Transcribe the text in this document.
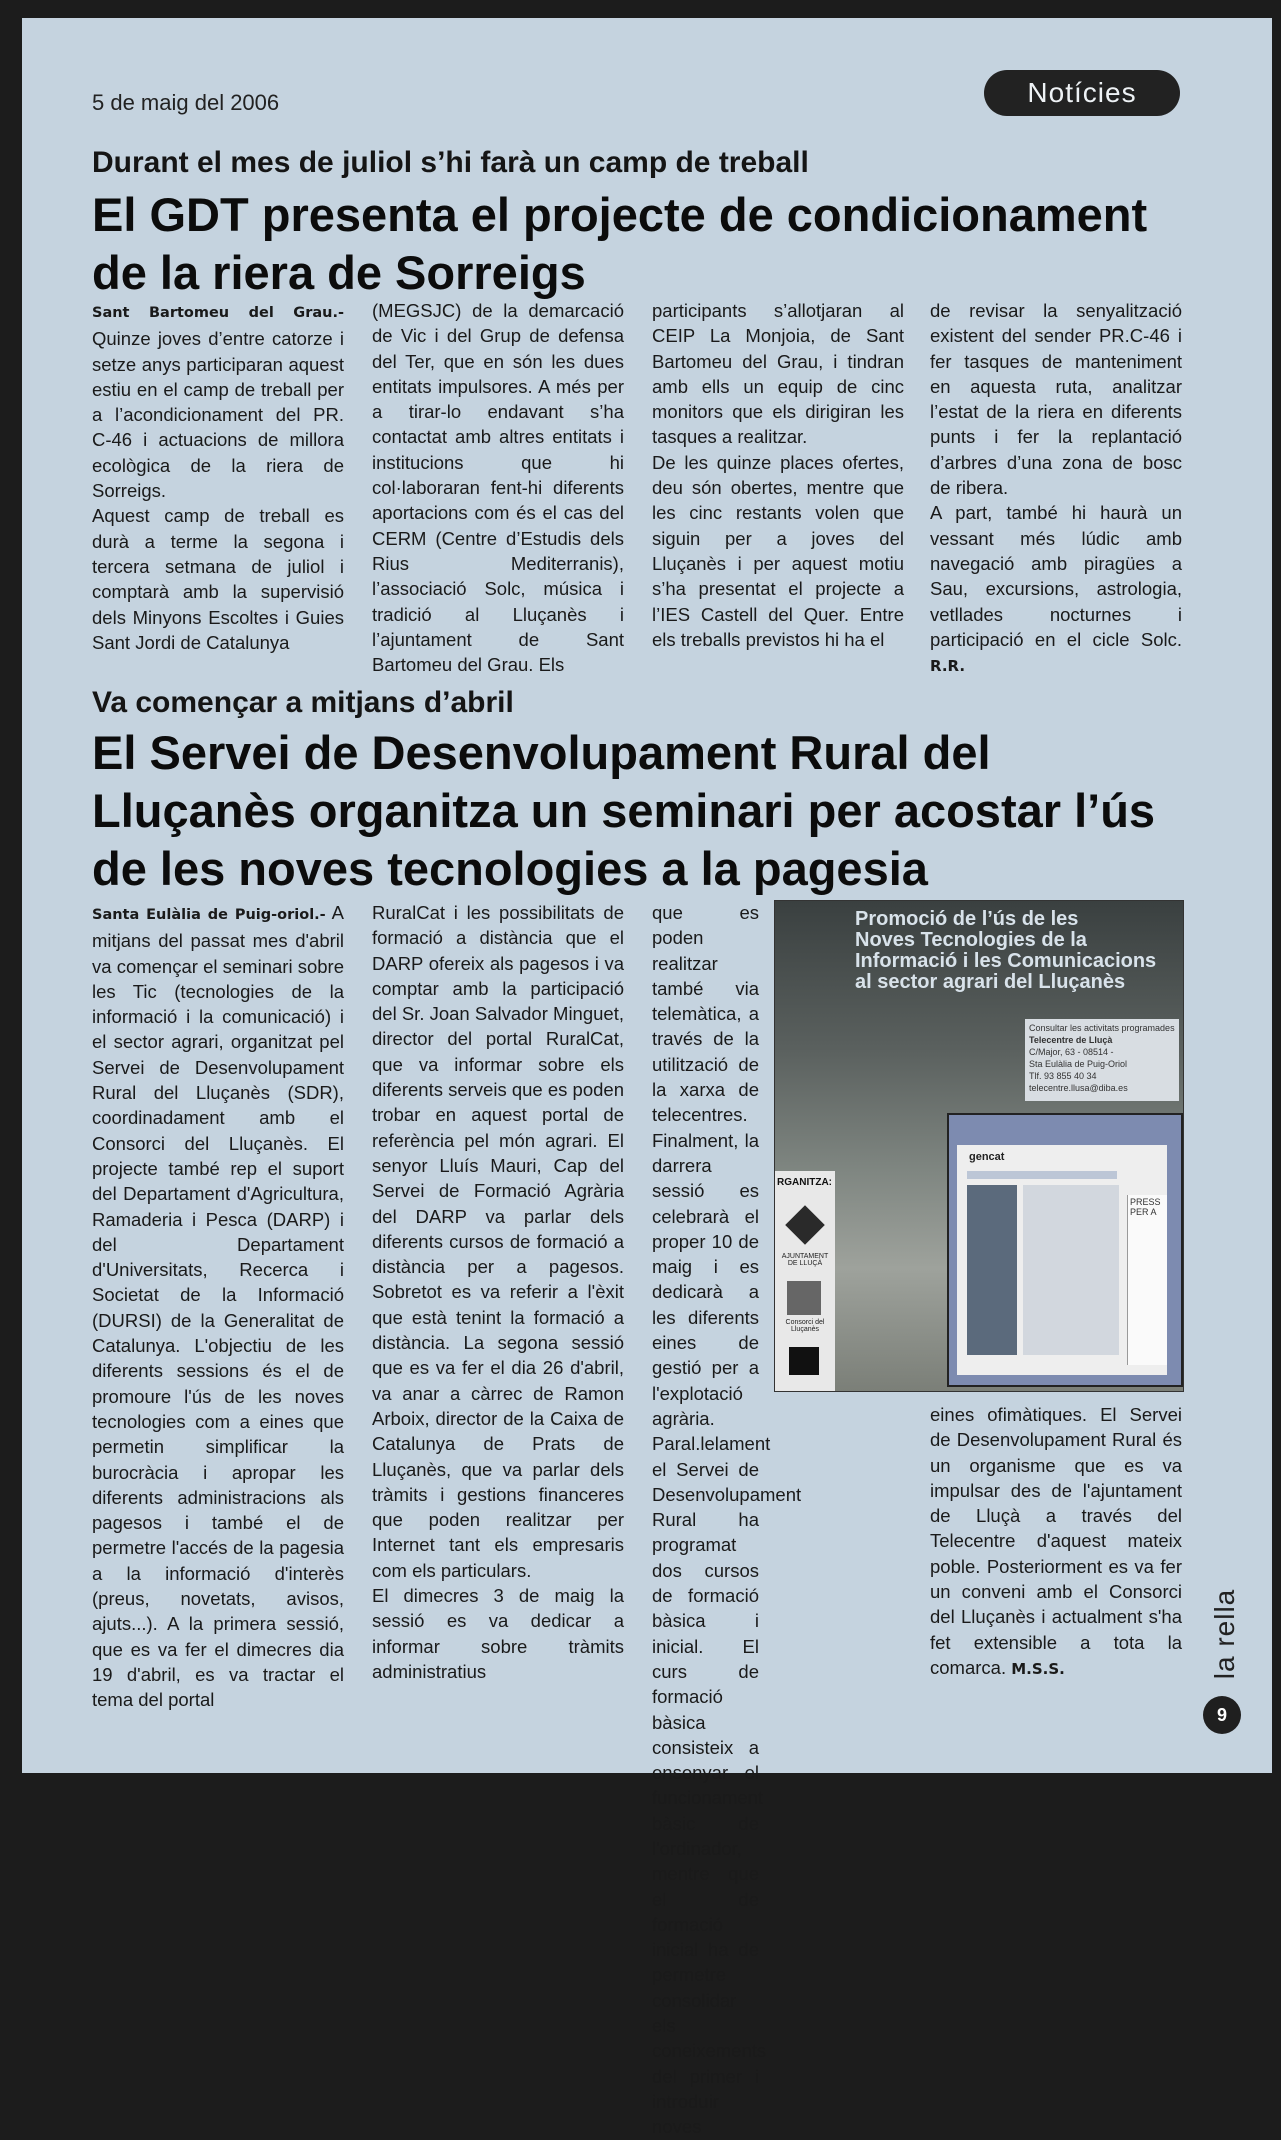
5 de maig del 2006	Notícies
Durant el mes de juliol s’hi farà un camp de treball
El GDT presenta el projecte de condicionament
de la riera de Sorreigs

Sant Bartomeu del Grau.- Quinze joves d’entre catorze i setze anys participaran aquest estiu en el camp de treball per a l’acondicionament del PR. C-46 i actuacions de millora ecològica de la riera de Sorreigs.

Aquest camp de treball es durà a terme la segona i tercera setmana de juliol i comptarà amb la supervisió dels Minyons Escoltes i Guies Sant Jordi de Catalunya

(MEGSJC) de la demarcació de Vic i del Grup de defensa del Ter, que en són les dues entitats impulsores. A més per a tirar-lo endavant s’ha contactat amb altres entitats i institucions que hi col·laboraran fent-hi diferents aportacions com és el cas del CERM (Centre d’Estudis dels Rius Mediterranis), l’associació Solc, música i tradició al Lluçanès i l’ajuntament de Sant Bartomeu del Grau. Els

participants s’allotjaran al CEIP La Monjoia, de Sant Bartomeu del Grau, i tindran amb ells un equip de cinc monitors que els dirigiran les tasques a realitzar.

De les quinze places ofertes, deu són obertes, mentre que les cinc restants volen que siguin per a joves del Lluçanès i per aquest motiu s’ha presentat el projecte a l’IES Castell del Quer. Entre els treballs previstos hi ha el

de revisar la senyalització existent del sender PR.C-46 i fer tasques de manteniment en aquesta ruta, analitzar l’estat de la riera en diferents punts i fer la replantació d’arbres d’una zona de bosc de ribera.

A part, també hi haurà un vessant més lúdic amb navegació amb piragües a Sau, excursions, astrologia, vetllades nocturnes i participació en el cicle Solc. R.R.

Va començar a mitjans d’abril
El Servei de Desenvolupament Rural del
Lluçanès organitza un seminari per acostar l’ús
de les noves tecnologies a la pagesia

Santa Eulàlia de Puig-oriol.- A mitjans del passat mes d'abril va començar el seminari sobre les Tic (tecnologies de la informació i la comunicació) i el sector agrari, organitzat pel Servei de Desenvolupament Rural del Lluçanès (SDR), coordinadament amb el Consorci del Lluçanès. El projecte també rep el suport del Departament d'Agricultura, Ramaderia i Pesca (DARP) i del Departament d'Universitats, Recerca i Societat de la Informació (DURSI) de la Generalitat de Catalunya. L'objectiu de les diferents sessions és el de promoure l'ús de les noves tecnologies com a eines que permetin simplificar la burocràcia i apropar les diferents administracions als pagesos i també el de permetre l'accés de la pagesia a la informació d'interès (preus, novetats, avisos, ajuts...). A la primera sessió, que es va fer el dimecres dia 19 d'abril, es va tractar el tema del portal

RuralCat i les possibilitats de formació a distància que el DARP ofereix als pagesos i va comptar amb la participació del Sr. Joan Salvador Minguet, director del portal RuralCat, que va informar sobre els diferents serveis que es poden trobar en aquest portal de referència pel món agrari. El senyor Lluís Mauri, Cap del Servei de Formació Agrària del DARP va parlar dels diferents cursos de formació a distància per a pagesos. Sobretot es va referir a l'èxit que està tenint la formació a distància. La segona sessió que es va fer el dia 26 d'abril, va anar a càrrec de Ramon Arboix, director de la Caixa de Catalunya de Prats de Lluçanès, que va parlar dels tràmits i gestions financeres que poden realitzar per Internet tant els empresaris com els particulars.

El dimecres 3 de maig la sessió es va dedicar a informar sobre tràmits administratius

que es poden realitzar també via telemàtica, a través de la utilització de la xarxa de telecentres. Finalment, la darrera sessió es celebrarà el proper 10 de maig i es dedicarà a les diferents eines de gestió per a l'explotació agrària. Paral.lelament el Servei de Desenvolupament Rural ha programat dos cursos de formació bàsica i inicial. El curs de formació bàsica consisteix a ensenyar el funcionament bàsic de l'ordinador, mentre que el de formació inicial ha de permetre consolidar els coneixements del primer i introduir noves

eines ofimàtiques. El Servei de Desenvolupament Rural és un organisme que es va impulsar des de l'ajuntament de Lluçà a través del Telecentre d'aquest mateix poble. Posteriorment es va fer un conveni amb el Consorci del Lluçanès i actualment s'ha fet extensible a tota la comarca. M.S.S.

Promoció de l’ús de les
Noves Tecnologies de la
Informació i les Comunicacions
al sector agrari del Lluçanès
Consultar les activitats programades
Telecentre de Lluçà
C/Major, 63 - 08514 -
Sta Eulàlia de Puig-Oriol
Tlf. 93 855 40 34
telecentre.llusa@diba.es
RGANITZA:
AJUNTAMENT DE LLUÇÀ
Consorci del Lluçanès
gencat
PRESS PER A
la rella
9
